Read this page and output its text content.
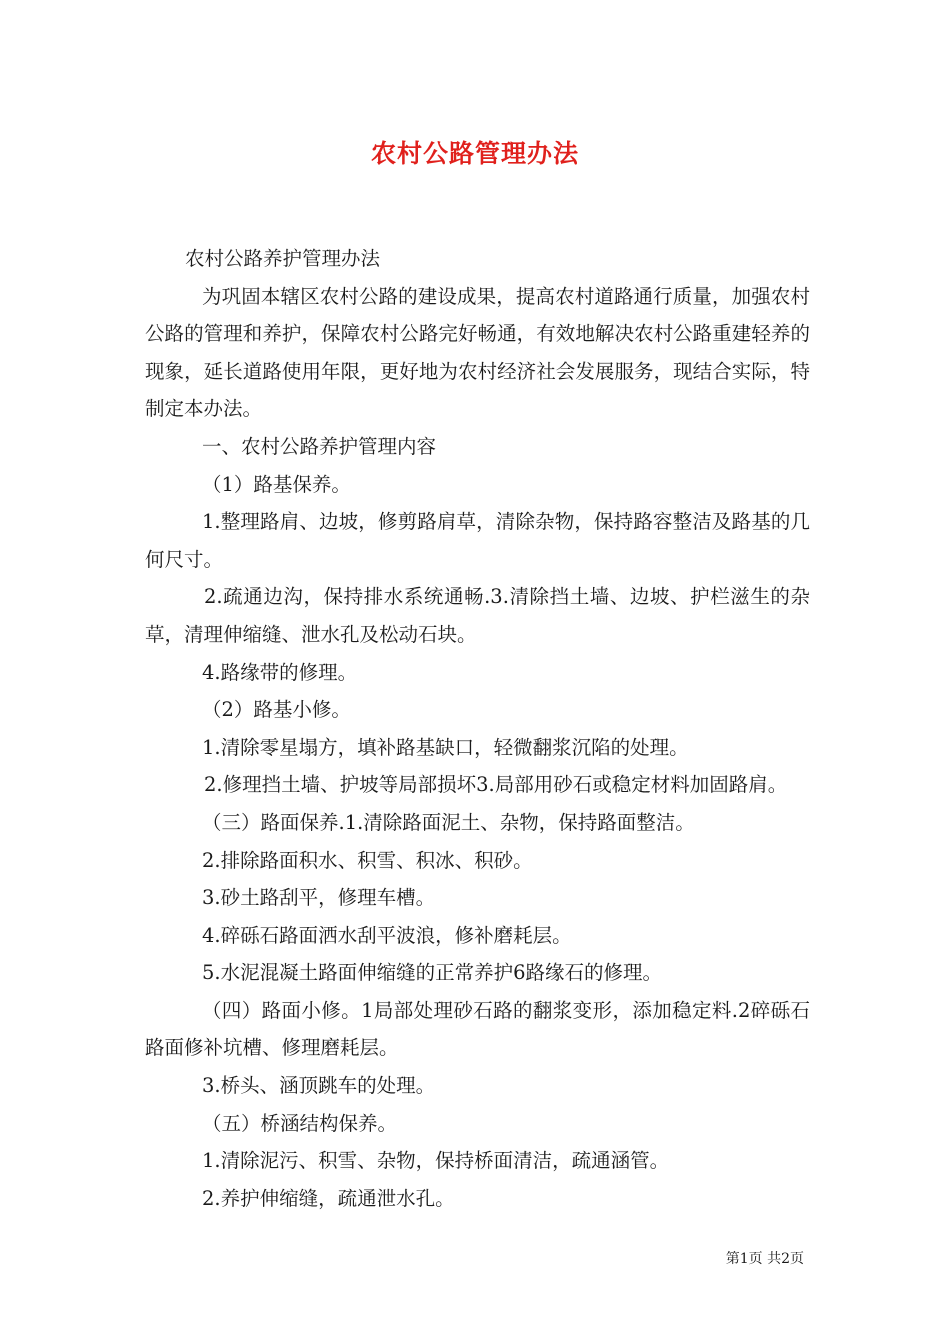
农村公路管理办法

农村公路养护管理办法

为巩固本辖区农村公路的建设成果，提高农村道路通行质量，加强农村公路的管理和养护，保障农村公路完好畅通，有效地解决农村公路重建轻养的现象，延长道路使用年限，更好地为农村经济社会发展服务，现结合实际，特制定本办法。

一、农村公路养护管理内容

（1）路基保养。

1.整理路肩、边坡，修剪路肩草，清除杂物，保持路容整洁及路基的几何尺寸。

2.疏通边沟，保持排水系统通畅.3.清除挡土墙、边坡、护栏滋生的杂草，清理伸缩缝、泄水孔及松动石块。

4.路缘带的修理。

（2）路基小修。

1.清除零星塌方，填补路基缺口，轻微翻浆沉陷的处理。

2.修理挡土墙、护坡等局部损坏3.局部用砂石或稳定材料加固路肩。

（三）路面保养.1.清除路面泥土、杂物，保持路面整洁。

2.排除路面积水、积雪、积冰、积砂。

3.砂土路刮平，修理车槽。

4.碎砾石路面洒水刮平波浪，修补磨耗层。

5.水泥混凝土路面伸缩缝的正常养护6路缘石的修理。

（四）路面小修。1局部处理砂石路的翻浆变形，添加稳定料.2碎砾石路面修补坑槽、修理磨耗层。

3.桥头、涵顶跳车的处理。

（五）桥涵结构保养。

1.清除泥污、积雪、杂物，保持桥面清洁，疏通涵管。

2.养护伸缩缝，疏通泄水孔。

第1页 共2页
